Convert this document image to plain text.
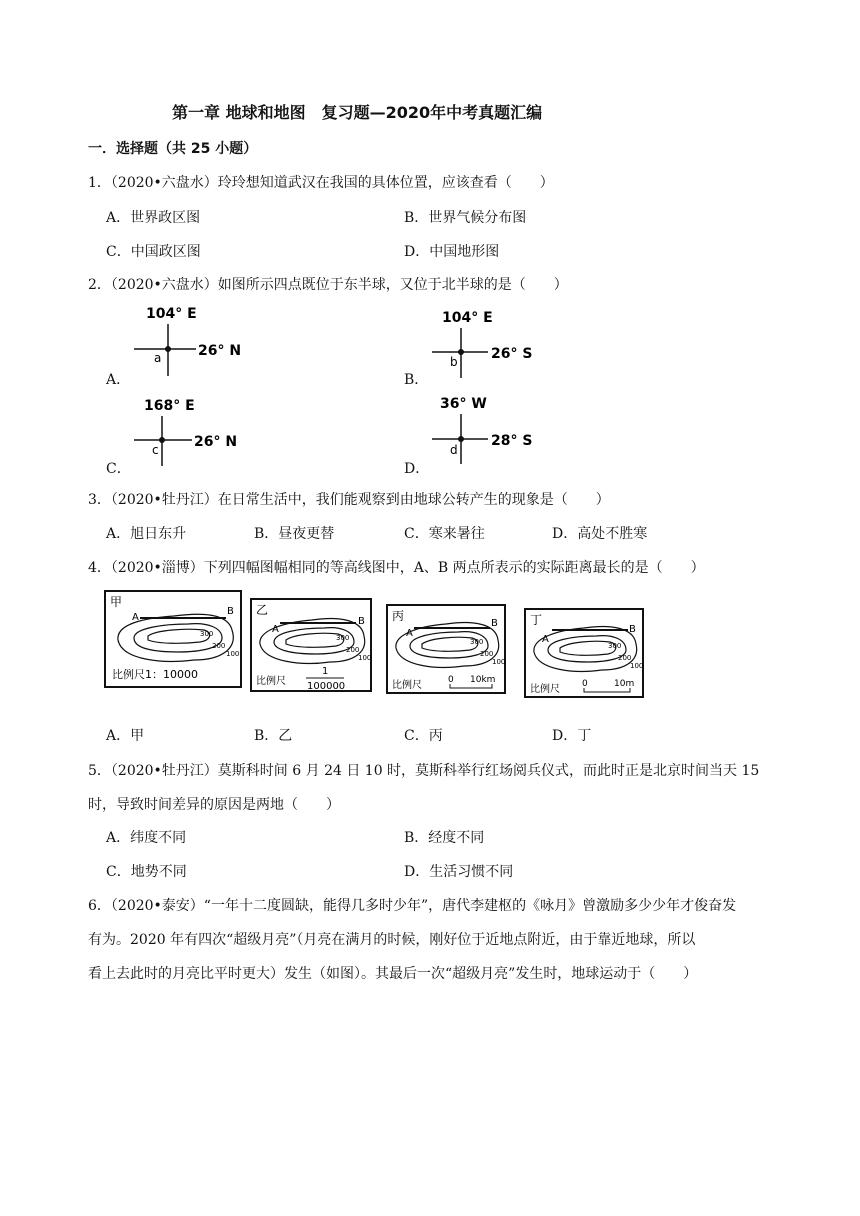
第一章 地球和地图　复习题—2020年中考真题汇编
一．选择题（共 25 小题）
1．（2020•六盘水）玲玲想知道武汉在我国的具体位置，应该查看（　　）
A．世界政区图	B．世界气候分布图
C．中国政区图	D．中国地形图
2．（2020•六盘水）如图所示四点既位于东半球，又位于北半球的是（　　）
A．	B．
C．	D．
104° E
a	26° N
104° E
b 26° S
168° E
c	26° N
36° W
d
28° S
3．（2020•牡丹江）在日常生活中，我们能观察到由地球公转产生的现象是（　　）
A．旭日东升	B．昼夜更替	C．寒来暑往	D．高处不胜寒
4．（2020•淄博）下列四幅图幅相同的等高线图中，A、B 两点所表示的实际距离最长的是（　　）
甲
A
B
300
200
100
比例尺1：10000
乙
A
B
300
200
100
比例尺
1
100000
丙
A
B
300
200
100
比例尺	0 10km
丁
A
B
300
200
100
比例尺 0	10m
A．甲	B．乙	C．丙	D．丁
5．（2020•牡丹江）莫斯科时间 6 月 24 日 10 时，莫斯科举行红场阅兵仪式，而此时正是北京时间当天 15
时，导致时间差异的原因是两地（　　）
A．纬度不同	B．经度不同
C．地势不同	D．生活习惯不同
6．（2020•泰安）“一年十二度圆缺，能得几多时少年”，唐代李建枢的《咏月》曾激励多少少年才俊奋发
有为。2020 年有四次“超级月亮”（月亮在满月的时候，刚好位于近地点附近，由于靠近地球，所以
看上去此时的月亮比平时更大）发生（如图）。其最后一次“超级月亮”发生时，地球运动于（　　）
